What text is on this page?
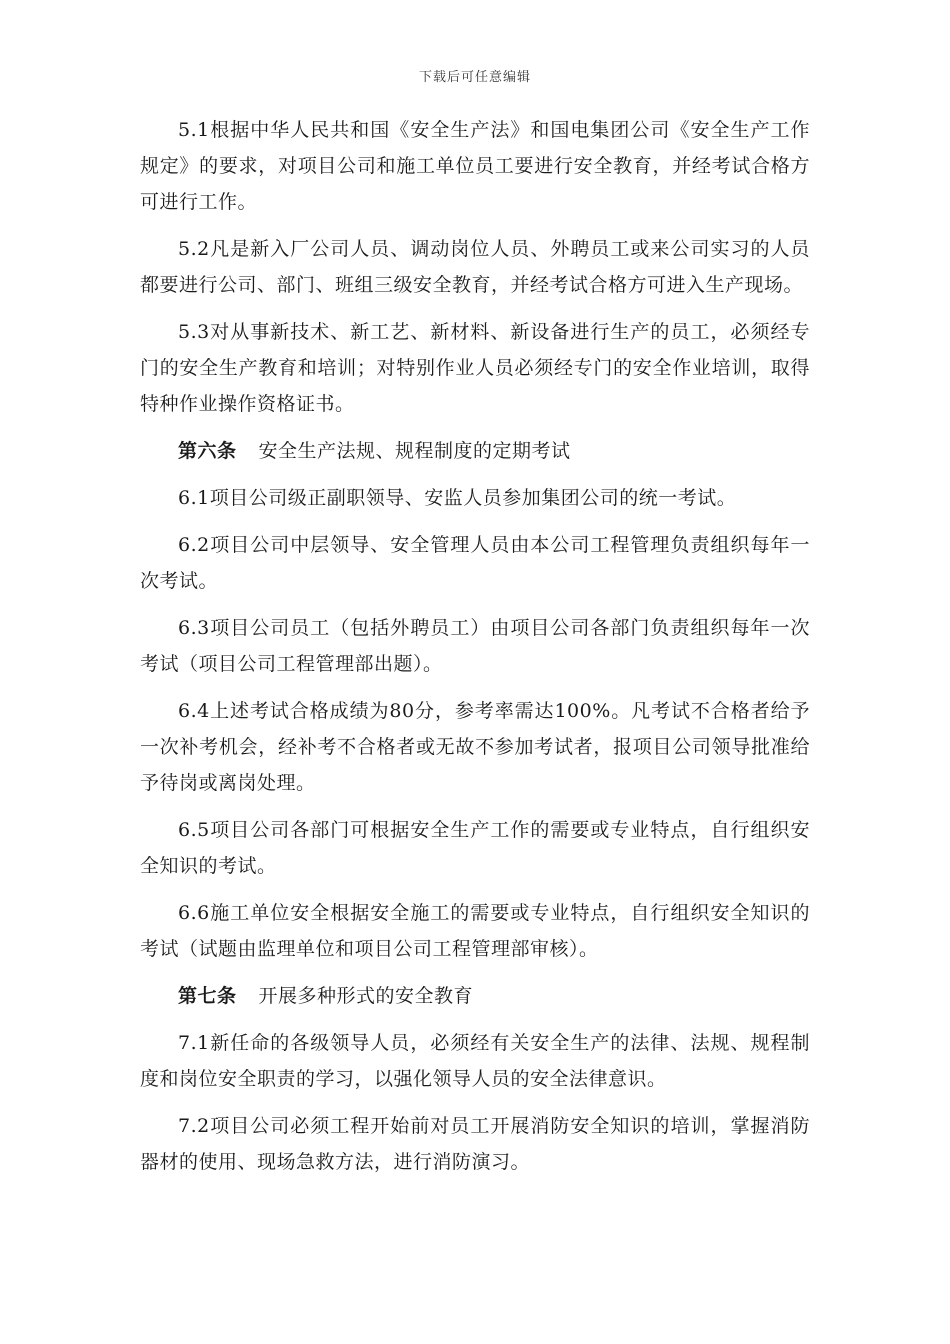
下载后可任意编辑

5.1根据中华人民共和国《安全生产法》和国电集团公司《安全生产工作规定》的要求，对项目公司和施工单位员工要进行安全教育，并经考试合格方可进行工作。

5.2凡是新入厂公司人员、调动岗位人员、外聘员工或来公司实习的人员都要进行公司、部门、班组三级安全教育，并经考试合格方可进入生产现场。

5.3对从事新技术、新工艺、新材料、新设备进行生产的员工，必须经专门的安全生产教育和培训；对特别作业人员必须经专门的安全作业培训，取得特种作业操作资格证书。

第六条 安全生产法规、规程制度的定期考试

6.1项目公司级正副职领导、安监人员参加集团公司的统一考试。

6.2项目公司中层领导、安全管理人员由本公司工程管理负责组织每年一次考试。

6.3项目公司员工（包括外聘员工）由项目公司各部门负责组织每年一次考试（项目公司工程管理部出题）。

6.4上述考试合格成绩为80分，参考率需达100%。凡考试不合格者给予一次补考机会，经补考不合格者或无故不参加考试者，报项目公司领导批准给予待岗或离岗处理。

6.5项目公司各部门可根据安全生产工作的需要或专业特点，自行组织安全知识的考试。

6.6施工单位安全根据安全施工的需要或专业特点，自行组织安全知识的考试（试题由监理单位和项目公司工程管理部审核）。

第七条 开展多种形式的安全教育

7.1新任命的各级领导人员，必须经有关安全生产的法律、法规、规程制度和岗位安全职责的学习，以强化领导人员的安全法律意识。

7.2项目公司必须工程开始前对员工开展消防安全知识的培训，掌握消防器材的使用、现场急救方法，进行消防演习。
